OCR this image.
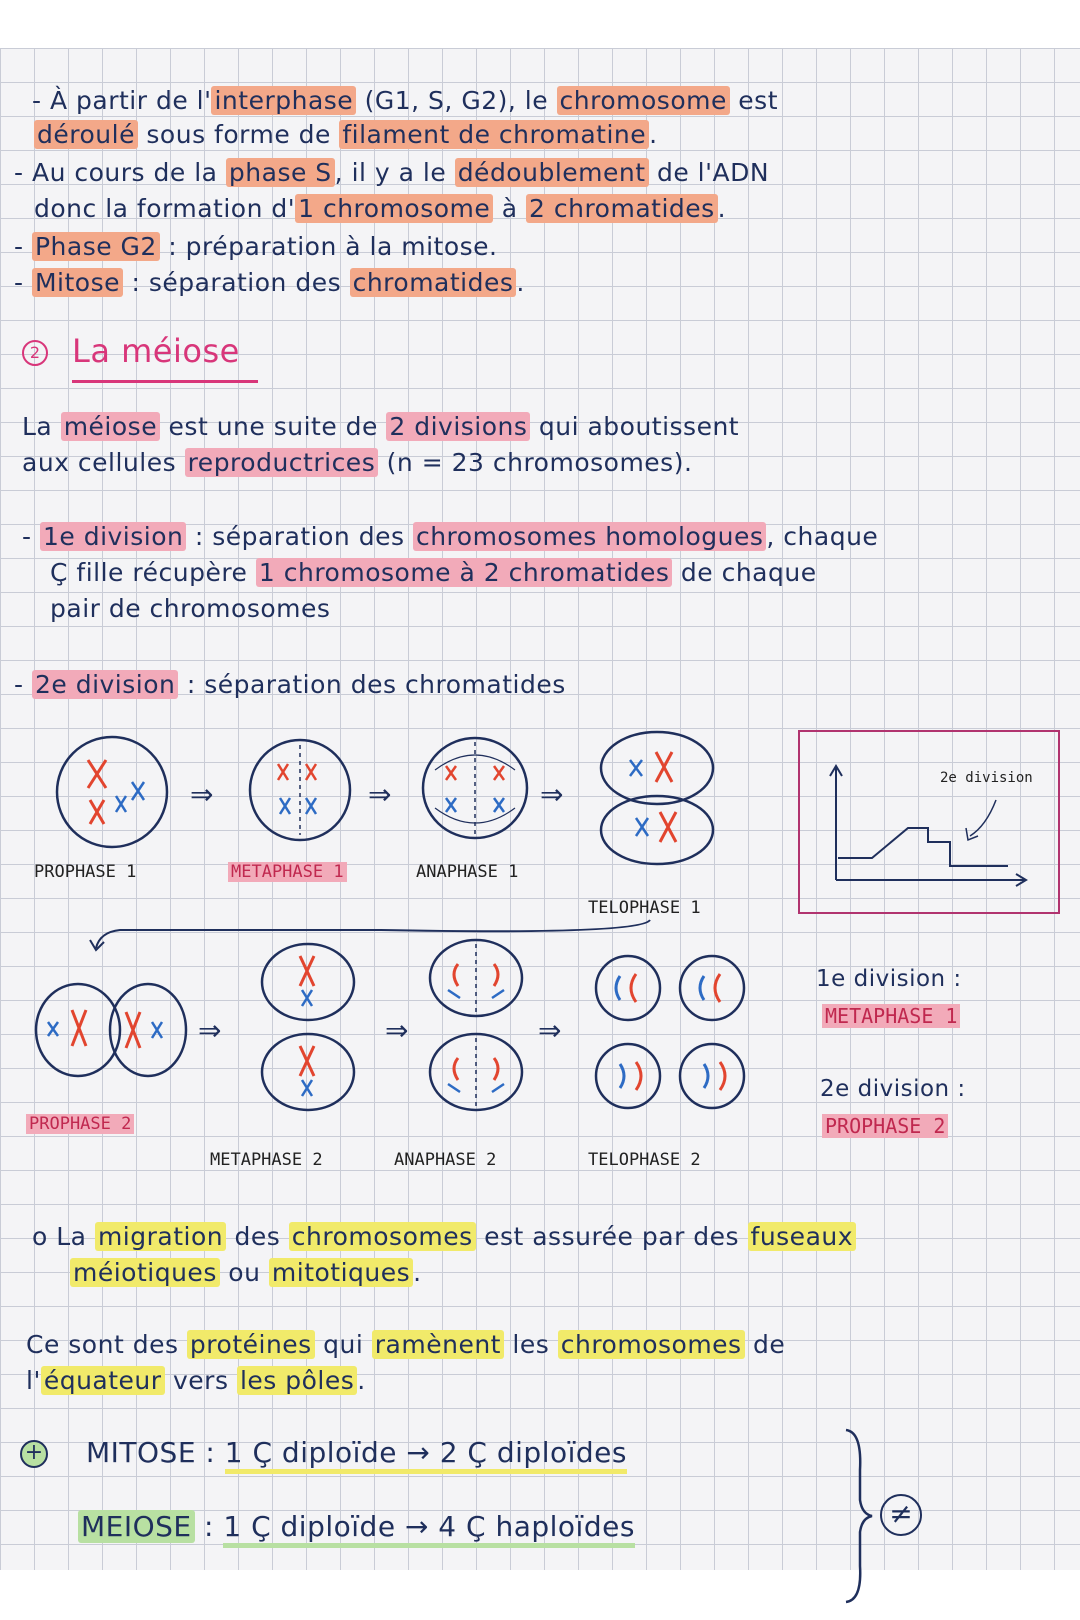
- À partir de l' interphase (G1, S, G2), le chromosome est
déroulé sous forme de filament de chromatine .
- Au cours de la phase S , il y a le dédoublement de l'ADN
donc la formation d' 1 chromosome à 2 chromatides .
- Phase G2 : préparation à la mitose.
- Mitose : séparation des chromatides .
2 La méiose
La méiose est une suite de 2 divisions qui aboutissent
aux cellules reproductrices (n = 23 chromosomes).
- 1e division : séparation des chromosomes homologues , chaque
Ç fille récupère 1 chromosome à 2 chromatides de chaque
pair de chromosomes
- 2e division : séparation des chromatides
⇒	⇒	⇒
⇒	⇒	⇒
2e division
PROPHASE 1	METAPHASE 1	ANAPHASE 1
TELOPHASE 1
1e division :
METAPHASE 1
2e division :
PROPHASE 2
PROPHASE 2
METAPHASE 2	ANAPHASE 2	TELOPHASE 2
o La migration des chromosomes est assurée par des fuseaux
méiotiques ou mitotiques .
Ce sont des protéines qui ramènent les chromosomes de
l' équateur vers les pôles .
+ MITOSE : 1 Ç diploïde → 2 Ç diploïdes
MEIOSE : 1 Ç diploïde → 4 Ç haploïdes	≠
